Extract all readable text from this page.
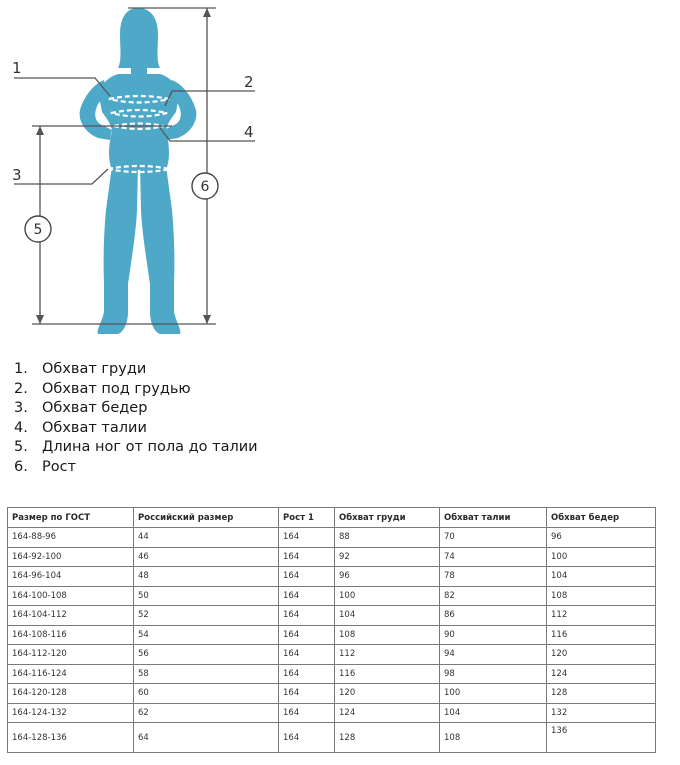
1
2
3
4
5
6
1. Обхват груди
2. Обхват под грудью
3. Обхват бедер
4. Обхват талии
5. Длина ног от пола до талии
6. Рост
Размер по ГОСТ	Российский размер	Рост 1	Обхват груди	Обхват талии	Обхват бедер
164-88-96	44	164	88	70	96
164-92-100	46	164	92	74	100
164-96-104	48	164	96	78	104
164-100-108	50	164	100	82	108
164-104-112	52	164	104	86	112
164-108-116	54	164	108	90	116
164-112-120	56	164	112	94	120
164-116-124	58	164	116	98	124
164-120-128	60	164	120	100	128
164-124-132	62	164	124	104	132
164-128-136	64	164	128	108	136
